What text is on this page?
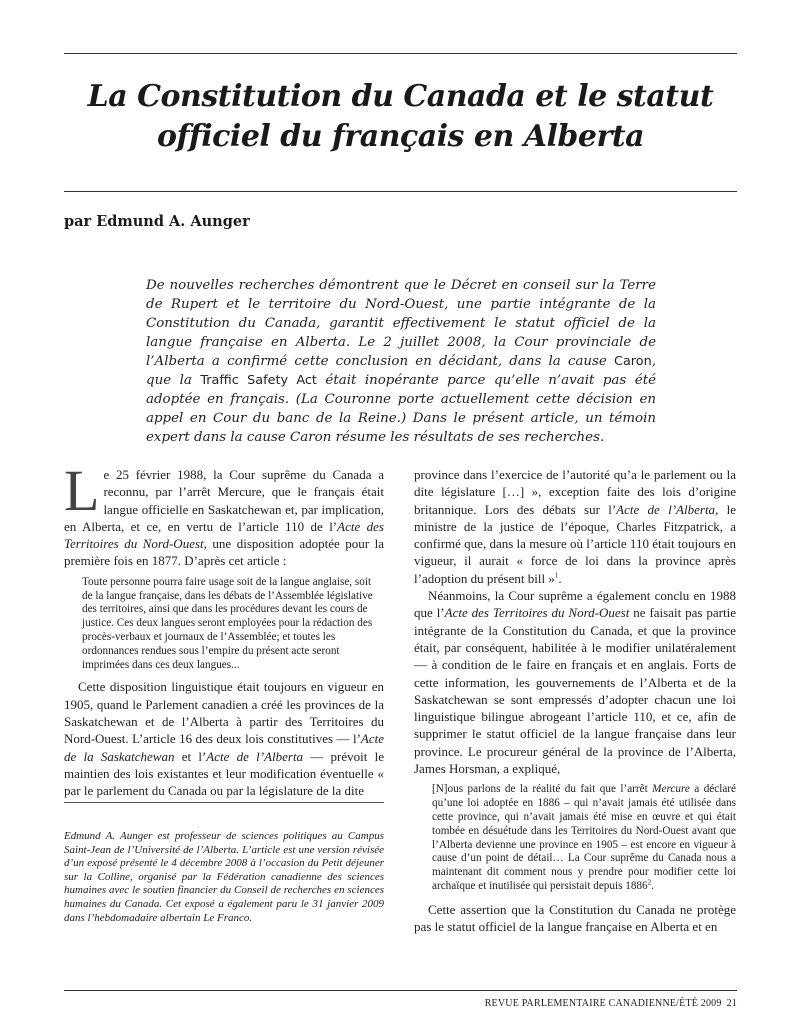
La Constitution du Canada et le statut
officiel du français en Alberta

par Edmund A. Aunger

De nouvelles recherches démontrent que le Décret en conseil sur la Terre de Rupert et le territoire du Nord-Ouest, une partie intégrante de la Constitution du Canada, garantit effectivement le statut officiel de la langue française en Alberta. Le 2 juillet 2008, la Cour provinciale de l’Alberta a confirmé cette conclusion en décidant, dans la cause Caron, que la Traffic Safety Act était inopérante parce qu’elle n’avait pas été adoptée en français. (La Couronne porte actuellement cette décision en appel en Cour du banc de la Reine.) Dans le présent article, un témoin expert dans la cause Caron résume les résultats de ses recherches.

Le 25 février 1988, la Cour suprême du Canada a reconnu, par l’arrêt Mercure, que le français était langue officielle en Saskatchewan et, par implication, en Alberta, et ce, en vertu de l’article 110 de l’Acte des Territoires du Nord-Ouest, une disposition adoptée pour la première fois en 1877. D’après cet article :

Toute personne pourra faire usage soit de la langue anglaise, soit de la langue française, dans les débats de l’Assemblée législative des territoires, ainsi que dans les procédures devant les cours de justice. Ces deux langues seront employées pour la rédaction des procès-verbaux et journaux de l’Assemblée; et toutes les ordonnances rendues sous l’empire du présent acte seront imprimées dans ces deux langues...

Cette disposition linguistique était toujours en vigueur en 1905, quand le Parlement canadien a créé les provinces de la Saskatchewan et de l’Alberta à partir des Territoires du Nord-Ouest. L’article 16 des deux lois constitutives — l’Acte de la Saskatchewan et l’Acte de l’Alberta — prévoit le maintien des lois existantes et leur modification éventuelle « par le parlement du Canada ou par la législature de la dite

Edmund A. Aunger est professeur de sciences politiques au Campus Saint-Jean de l’Université de l’Alberta. L’article est une version révisée d’un exposé présenté le 4 décembre 2008 à l’occasion du Petit déjeuner sur la Colline, organisé par la Fédération canadienne des sciences humaines avec le soutien financier du Conseil de recherches en sciences humaines du Canada. Cet exposé a également paru le 31 janvier 2009 dans l’hebdomadaire albertain Le Franco.

province dans l’exercice de l’autorité qu’a le parlement ou la dite législature […] », exception faite des lois d’origine britannique. Lors des débats sur l’Acte de l’Alberta, le ministre de la justice de l’époque, Charles Fitzpatrick, a confirmé que, dans la mesure où l’article 110 était toujours en vigueur, il aurait « force de loi dans la province après l’adoption du présent bill »$^1$.

Néanmoins, la Cour suprême a également conclu en 1988 que l’Acte des Territoires du Nord-Ouest ne faisait pas partie intégrante de la Constitution du Canada, et que la province était, par conséquent, habilitée à le modifier unilatéralement — à condition de le faire en français et en anglais. Forts de cette information, les gouvernements de l’Alberta et de la Saskatchewan se sont empressés d’adopter chacun une loi linguistique bilingue abrogeant l’article 110, et ce, afin de supprimer le statut officiel de la langue française dans leur province. Le procureur général de la province de l’Alberta, James Horsman, a expliqué,

[N]ous parlons de la réalité du fait que l’arrêt Mercure a déclaré qu’une loi adoptée en 1886 – qui n’avait jamais été utilisée dans cette province, qui n’avait jamais été mise en œuvre et qui était tombée en désuétude dans les Territoires du Nord-Ouest avant que l’Alberta devienne une province en 1905 – est encore en vigueur à cause d’un point de détail… La Cour suprême du Canada nous a maintenant dit comment nous y prendre pour modifier cette loi archaïque et inutilisée qui persistait depuis 1886$^2$.

Cette assertion que la Constitution du Canada ne protège pas le statut officiel de la langue française en Alberta et en

REVUE PARLEMENTAIRE CANADIENNE/ÉTÉ 2009 21
